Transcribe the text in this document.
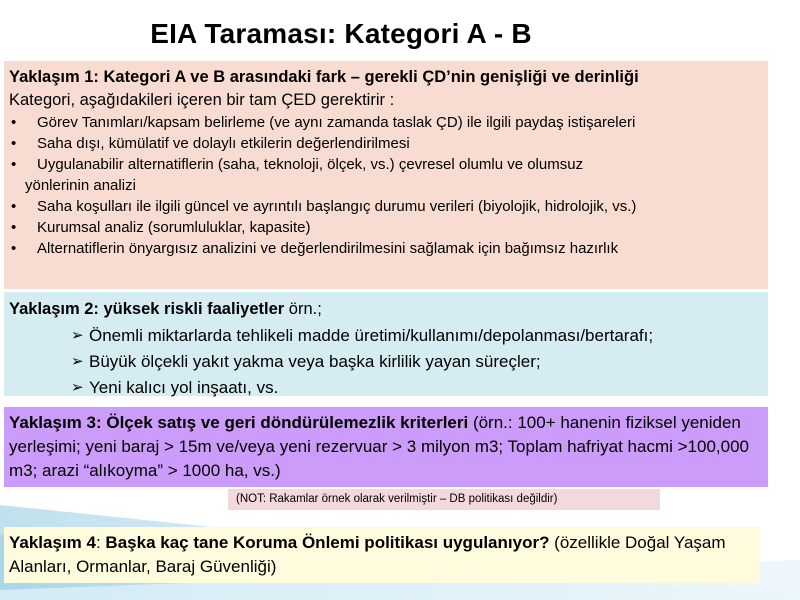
EIA Taraması: Kategori A - B
Yaklaşım 1: Kategori A ve B arasındaki fark – gerekli ÇD’nin genişliği ve derinliği
Kategori, aşağıdakileri içeren bir tam ÇED gerektirir :
• Görev Tanımları/kapsam belirleme (ve aynı zamanda taslak ÇD) ile ilgili paydaş istişareleri
• Saha dışı, kümülatif ve dolaylı etkilerin değerlendirilmesi
• Uygulanabilir alternatiflerin (saha, teknoloji, ölçek, vs.) çevresel olumlu ve olumsuz
yönlerinin analizi
• Saha koşulları ile ilgili güncel ve ayrıntılı başlangıç durumu verileri (biyolojik, hidrolojik, vs.)
• Kurumsal analiz (sorumluluklar, kapasite)
• Alternatiflerin önyargısız analizini ve değerlendirilmesini sağlamak için bağımsız hazırlık
Yaklaşım 2: yüksek riskli faaliyetler örn.;
➢ Önemli miktarlarda tehlikeli madde üretimi/kullanımı/depolanması/bertarafı;
➢ Büyük ölçekli yakıt yakma veya başka kirlilik yayan süreçler;
➢ Yeni kalıcı yol inşaatı, vs.
Yaklaşım 3: Ölçek satış ve geri döndürülemezlik kriterleri (örn.: 100+ hanenin fiziksel yeniden yerleşimi; yeni baraj > 15m ve/veya yeni rezervuar > 3 milyon m3; Toplam hafriyat hacmi >100,000 m3; arazi “alıkoyma” > 1000 ha, vs.)
(NOT: Rakamlar örnek olarak verilmiştir – DB politikası değildir)
Yaklaşım 4: Başka kaç tane Koruma Önlemi politikası uygulanıyor? (özellikle Doğal Yaşam Alanları, Ormanlar, Baraj Güvenliği)
